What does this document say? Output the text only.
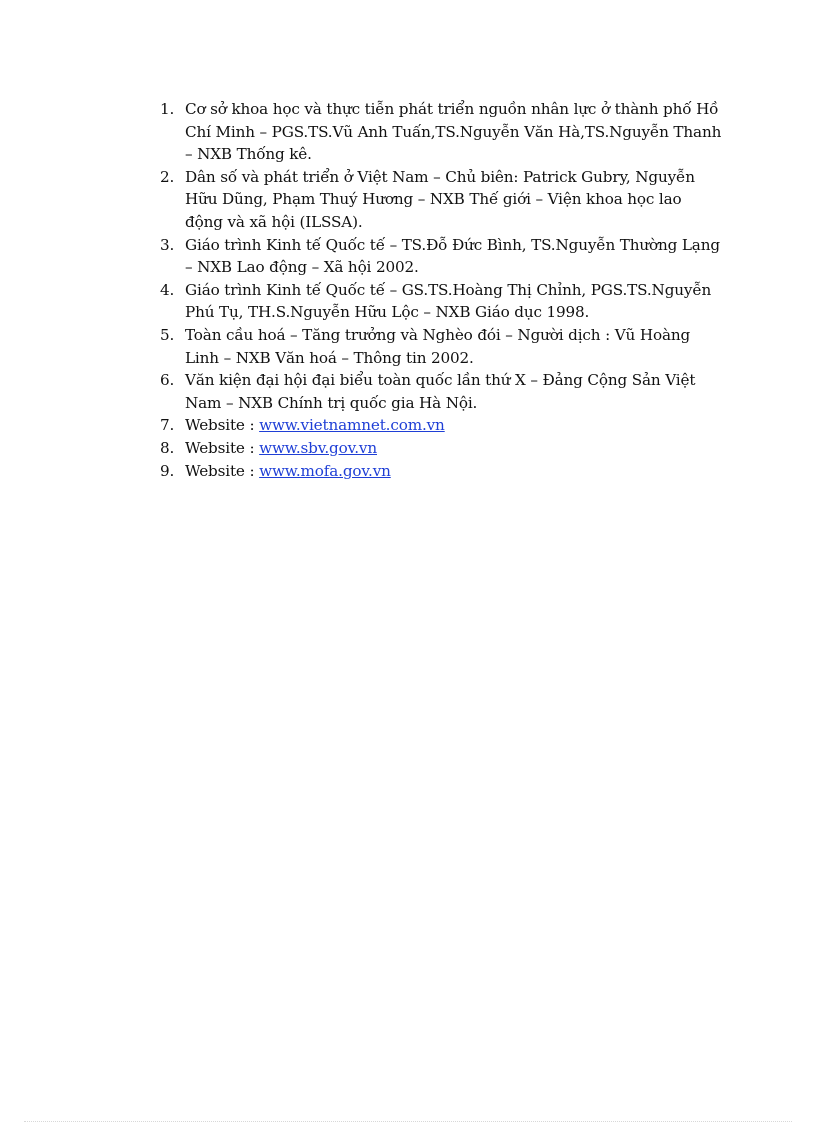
1. Cơ sở khoa học và thực tiễn phát triển nguồn nhân lực ở thành phố Hồ Chí Minh – PGS.TS.Vũ Anh Tuấn,TS.Nguyễn Văn Hà,TS.Nguyễn Thanh – NXB Thống kê.
2. Dân số và phát triển ở Việt Nam – Chủ biên: Patrick Gubry, Nguyễn Hữu Dũng, Phạm Thuý Hương – NXB Thế giới – Viện khoa học lao động và xã hội (ILSSA).
3. Giáo trình Kinh tế Quốc tế – TS.Đỗ Đức Bình, TS.Nguyễn Thường Lạng – NXB Lao động – Xã hội 2002.
4. Giáo trình Kinh tế Quốc tế – GS.TS.Hoàng Thị Chỉnh, PGS.TS.Nguyễn Phú Tụ, TH.S.Nguyễn Hữu Lộc – NXB Giáo dục 1998.
5. Toàn cầu hoá – Tăng trưởng và Nghèo đói – Người dịch : Vũ Hoàng Linh – NXB Văn hoá – Thông tin 2002.
6. Văn kiện đại hội đại biểu toàn quốc lần thứ X – Đảng Cộng Sản Việt Nam – NXB Chính trị quốc gia Hà Nội.
7. Website : www.vietnamnet.com.vn
8. Website : www.sbv.gov.vn
9. Website : www.mofa.gov.vn
